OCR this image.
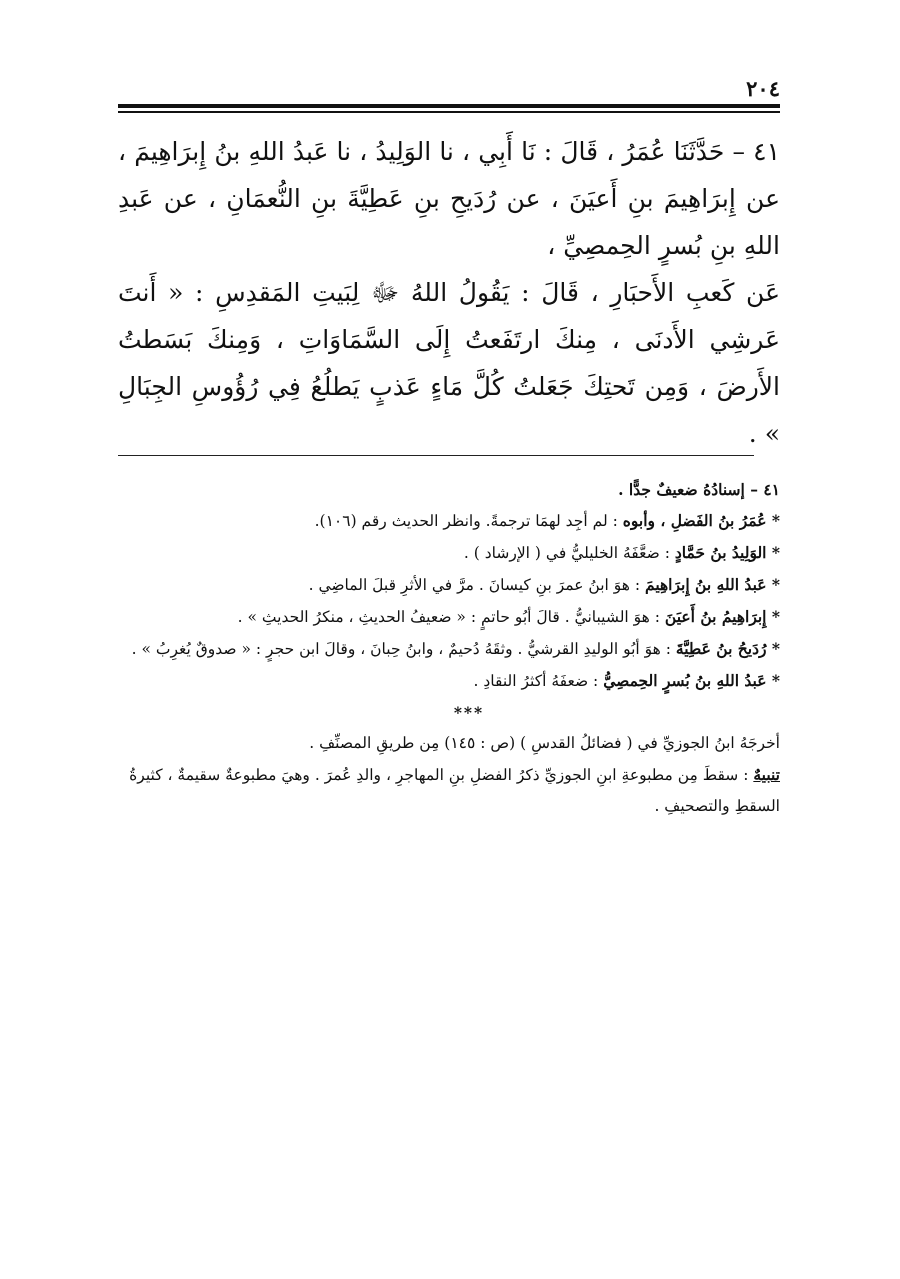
٢٠٤

٤١ – حَدَّثَنَا عُمَرُ ، قَالَ : نَا أَبِي ، نا الوَلِيدُ ، نا عَبدُ اللهِ بنُ إِبرَاهِيمَ ، عن إِبرَاهِيمَ بنِ أَعيَنَ ، عن رُدَيحِ بنِ عَطِيَّةَ بنِ النُّعمَانِ ، عن عَبدِ اللهِ بنِ بُسرٍ الحِمصِيِّ ،

عَن كَعبِ الأَحبَارِ ، قَالَ : يَقُولُ اللهُ ﷻ لِبَيتِ المَقدِسِ : « أَنتَ عَرشِي الأَدنَى ، مِنكَ ارتَفَعتُ إِلَى السَّمَاوَاتِ ، وَمِنكَ بَسَطتُ الأَرضَ ، وَمِن تَحتِكَ جَعَلتُ كُلَّ مَاءٍ عَذبٍ يَطلُعُ فِي رُؤُوسِ الجِبَالِ » .

٤١ – إسنادُهُ ضعيفٌ جدًّا .

* عُمَرُ بنُ الفَضلِ ، وأبوه : لم أجِد لهمَا ترجمةً. وانظر الحديث رقم (١٠٦).

* الوَلِيدُ بنُ حَمَّادٍ : ضعَّفَهُ الخليليُّ في ( الإرشاد ) .

* عَبدُ اللهِ بنُ إِبرَاهِيمَ : هوَ ابنُ عمرَ بنِ كيسانَ . مرَّ في الأثرِ قبلَ الماضِي .

* إِبرَاهِيمُ بنُ أَعيَنَ : هوَ الشيبانيُّ . قالَ أبُو حاتمٍ : « ضعيفُ الحديثِ ، منكرُ الحديثِ » .

* رُدَيحُ بنُ عَطِيَّةَ : هوَ أبُو الوليدِ القرشيُّ . وثقَهُ دُحيمٌ ، وابنُ حِبانَ ، وقالَ ابن حجرٍ : « صدوقٌ يُغرِبُ » .

* عَبدُ اللهِ بنُ بُسرٍ الحِمصِيُّ : ضعفَهُ أكثرُ النقادِ .

***

أخرجَهُ ابنُ الجوزيِّ في ( فضائلُ القدسِ ) (ص : ١٤٥) مِن طريقِ المصنِّفِ .

تنبيهٌ : سقطَ مِن مطبوعةِ ابنِ الجوزيِّ ذكرُ الفضلِ بنِ المهاجرِ ، والدِ عُمرَ . وهيَ مطبوعةٌ سقيمةٌ ، كثيرةُ السقطِ والتصحيفِ .
